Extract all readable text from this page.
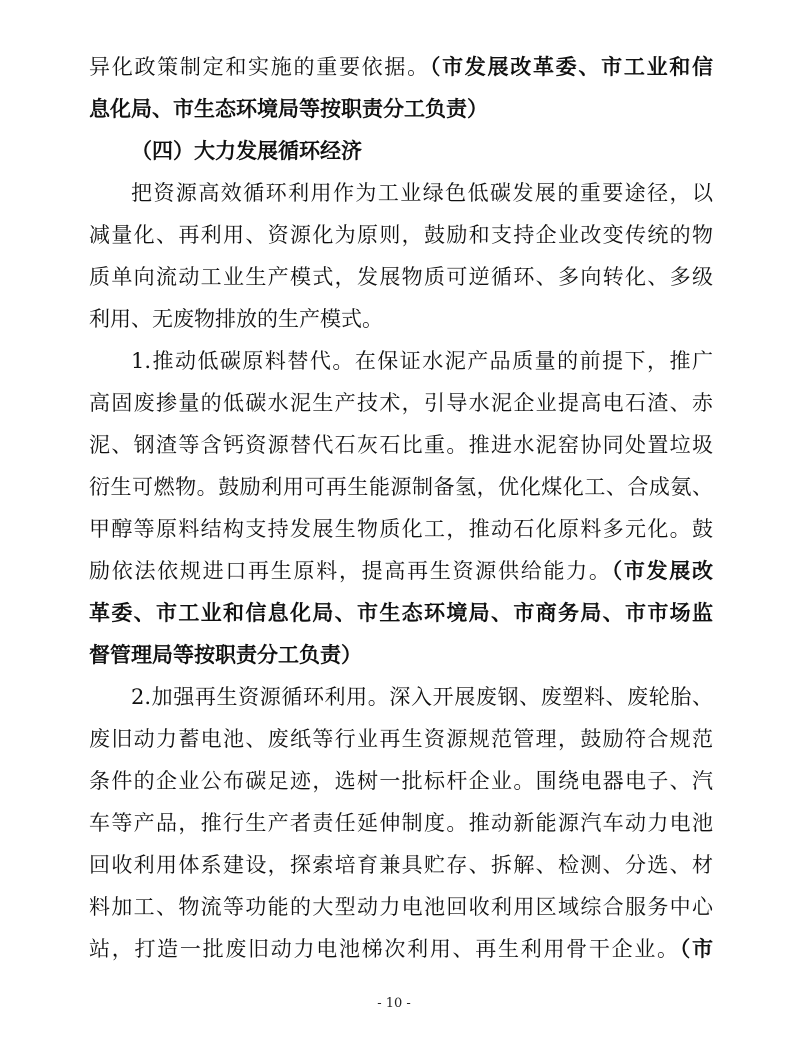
异化政策制定和实施的重要依据。（市发展改革委、市工业和信
息化局、市生态环境局等按职责分工负责）
（四）大力发展循环经济
把资源高效循环利用作为工业绿色低碳发展的重要途径，以
减量化、再利用、资源化为原则，鼓励和支持企业改变传统的物
质单向流动工业生产模式，发展物质可逆循环、多向转化、多级
利用、无废物排放的生产模式。
1.推动低碳原料替代。在保证水泥产品质量的前提下，推广
高固废掺量的低碳水泥生产技术，引导水泥企业提高电石渣、赤
泥、钢渣等含钙资源替代石灰石比重。推进水泥窑协同处置垃圾
衍生可燃物。鼓励利用可再生能源制备氢，优化煤化工、合成氨、
甲醇等原料结构支持发展生物质化工，推动石化原料多元化。鼓
励依法依规进口再生原料，提高再生资源供给能力。（市发展改
革委、市工业和信息化局、市生态环境局、市商务局、市市场监
督管理局等按职责分工负责）
2.加强再生资源循环利用。深入开展废钢、废塑料、废轮胎、
废旧动力蓄电池、废纸等行业再生资源规范管理，鼓励符合规范
条件的企业公布碳足迹，选树一批标杆企业。围绕电器电子、汽
车等产品，推行生产者责任延伸制度。推动新能源汽车动力电池
回收利用体系建设，探索培育兼具贮存、拆解、检测、分选、材
料加工、物流等功能的大型动力电池回收利用区域综合服务中心
站，打造一批废旧动力电池梯次利用、再生利用骨干企业。（市
- 10 -
